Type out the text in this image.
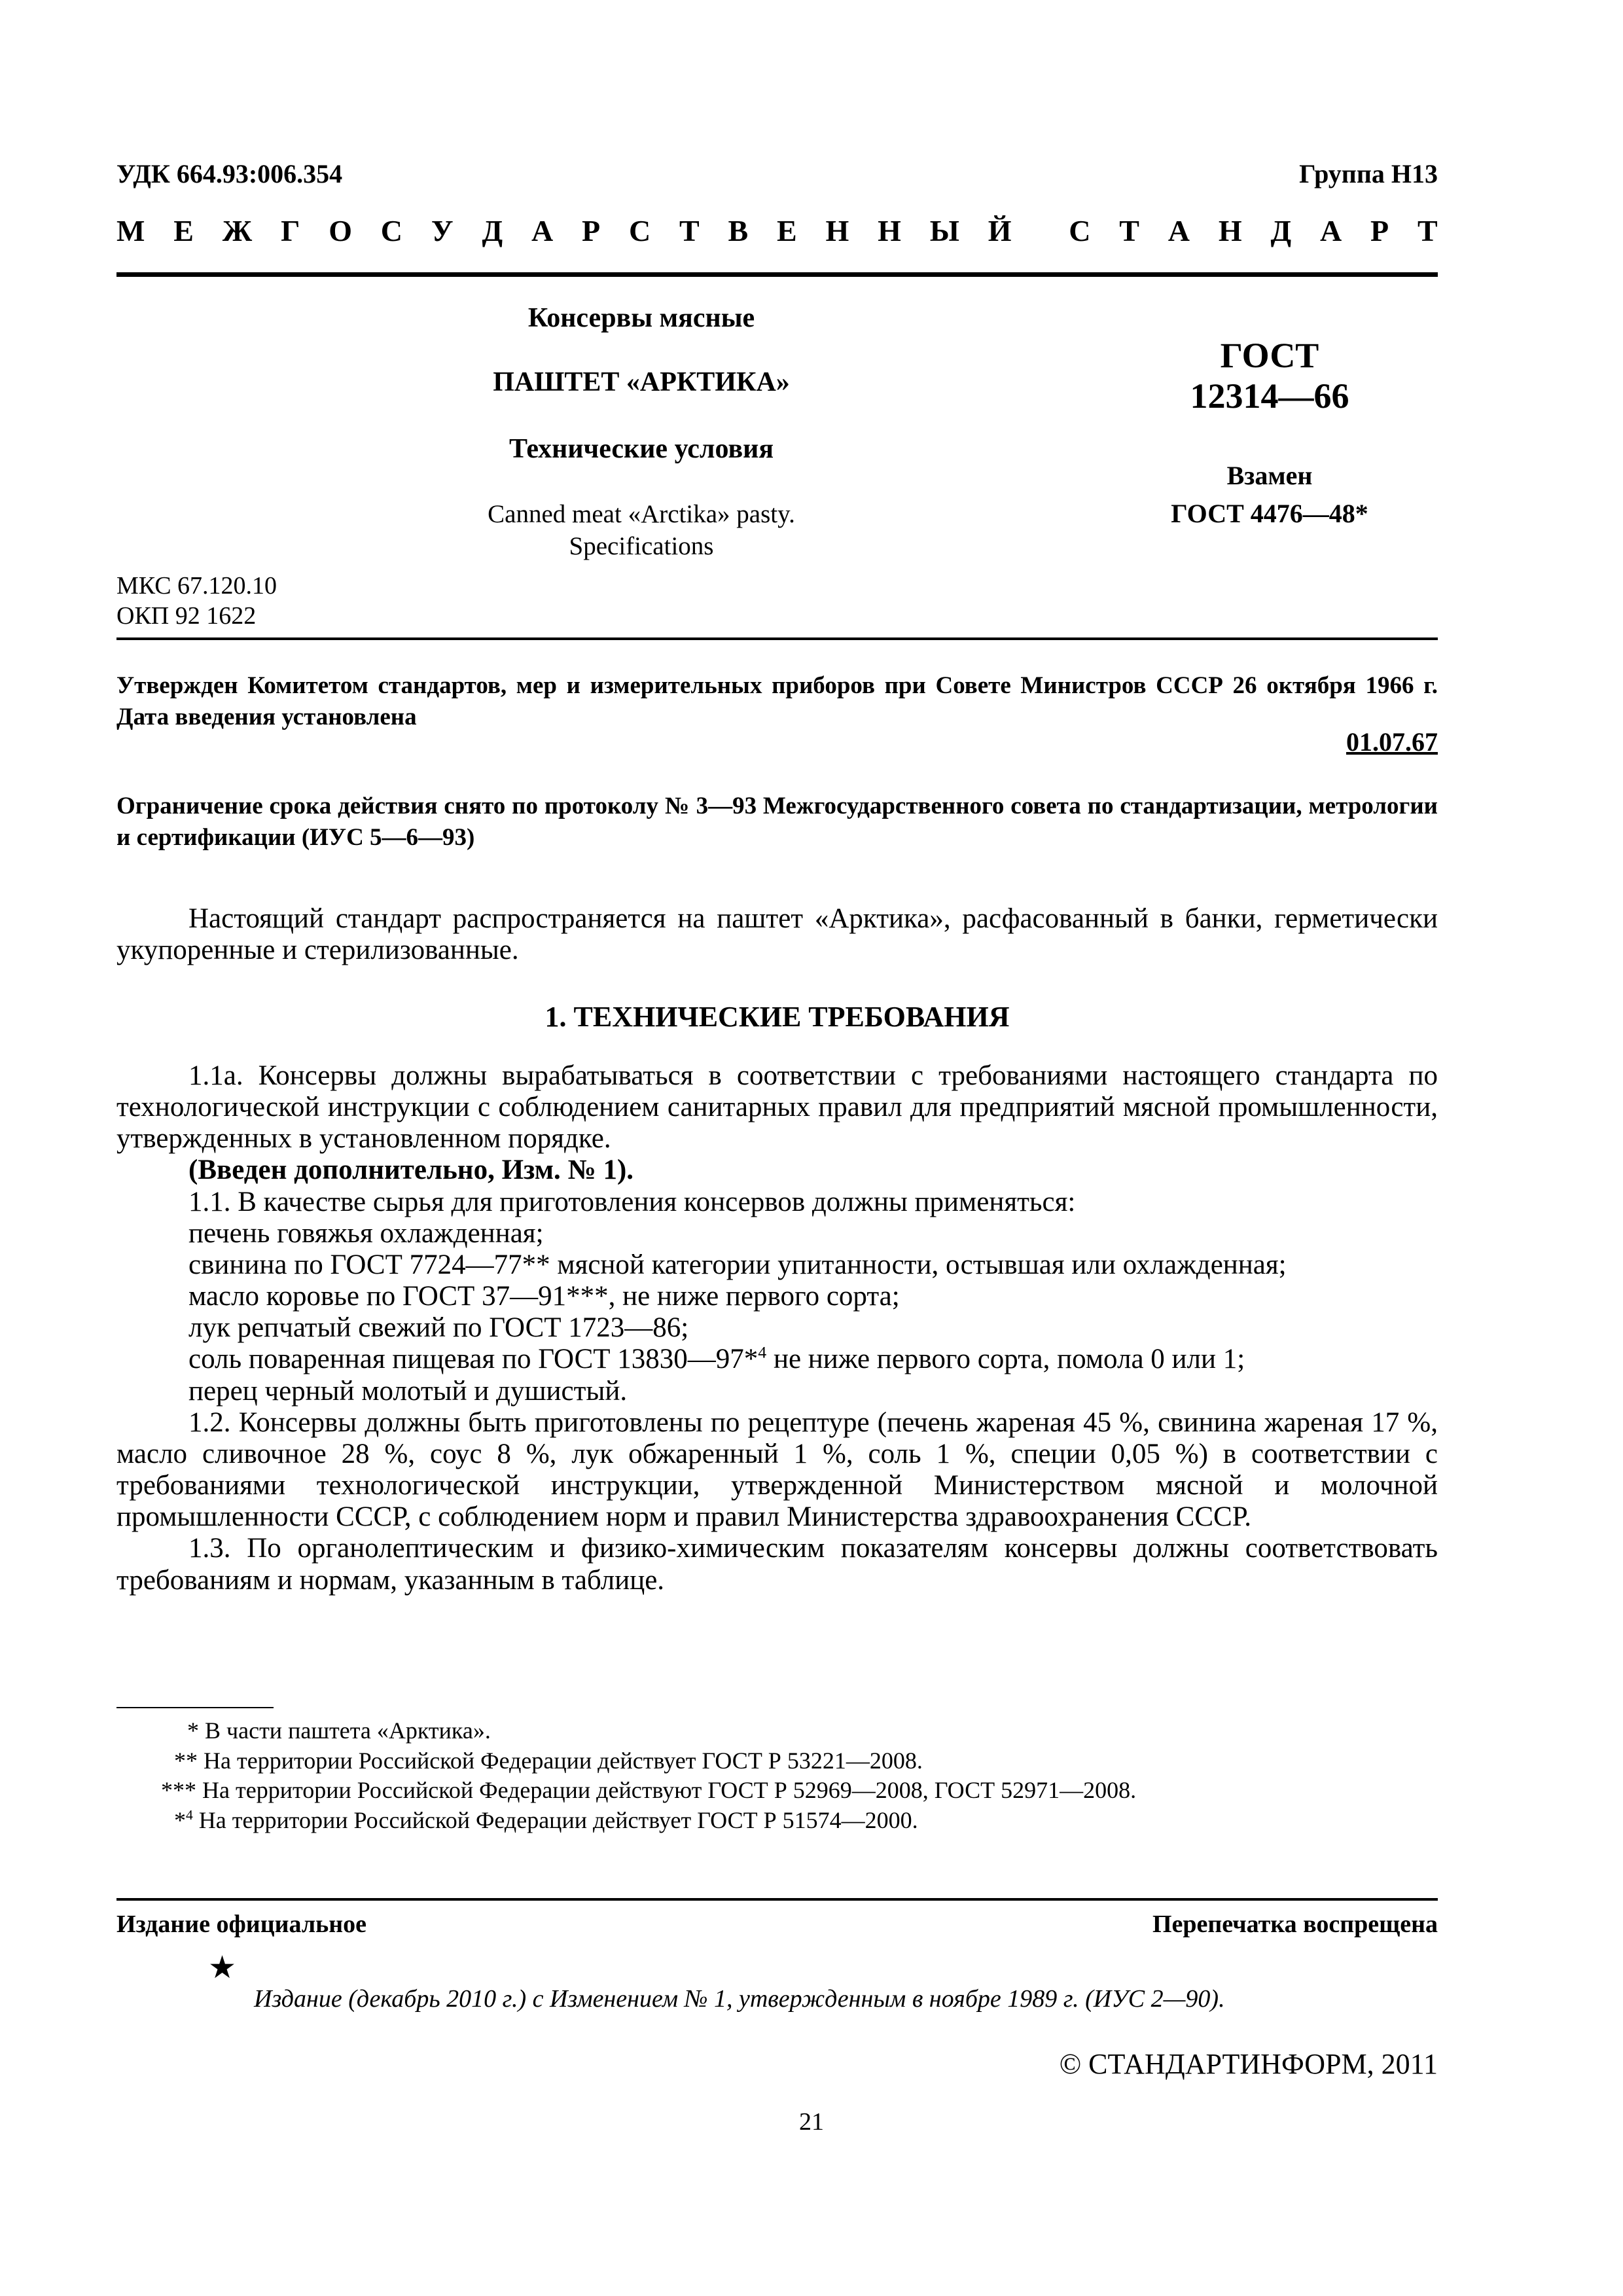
УДК 664.93:006.354	Группа Н13
М Е Ж Г О С У Д А Р С Т В Е Н Н Ы Й С Т А Н Д А Р Т
Консервы мясные
ПАШТЕТ «АРКТИКА»
Технические условия
Canned meat «Arctika» pasty.
Specifications
ГОСТ
12314—66
Взамен
ГОСТ 4476—48*
МКС 67.120.10
ОКП 92 1622
Утвержден Комитетом стандартов, мер и измерительных приборов при Совете Министров СССР 26 октября 1966 г. Дата введения установлена
01.07.67
Ограничение срока действия снято по протоколу № 3—93 Межгосударственного совета по стандартизации, метрологии и сертификации (ИУС 5—6—93)

Настоящий стандарт распространяется на паштет «Арктика», расфасованный в банки, герметически укупоренные и стерилизованные.

1. ТЕХНИЧЕСКИЕ ТРЕБОВАНИЯ

1.1а. Консервы должны вырабатываться в соответствии с требованиями настоящего стандарта по технологической инструкции с соблюдением санитарных правил для предприятий мясной промышленности, утвержденных в установленном порядке.

(Введен дополнительно, Изм. № 1).

1.1. В качестве сырья для приготовления консервов должны применяться:

печень говяжья охлажденная;

свинина по ГОСТ 7724—77** мясной категории упитанности, остывшая или охлажденная;

масло коровье по ГОСТ 37—91***, не ниже первого сорта;

лук репчатый свежий по ГОСТ 1723—86;

соль поваренная пищевая по ГОСТ 13830—97*$^4$ не ниже первого сорта, помола 0 или 1;

перец черный молотый и душистый.

1.2. Консервы должны быть приготовлены по рецептуре (печень жареная 45 %, свинина жареная 17 %, масло сливочное 28 %, соус 8 %, лук обжаренный 1 %, соль 1 %, специи 0,05 %) в соответствии с требованиями технологической инструкции, утвержденной Министерством мясной и молочной промышленности СССР, с соблюдением норм и правил Министерства здравоохранения СССР.

1.3. По органолептическим и физико-химическим показателям консервы должны соответствовать требованиям и нормам, указанным в таблице.

* В части паштета «Арктика».
** На территории Российской Федерации действует ГОСТ Р 53221—2008.
*** На территории Российской Федерации действуют ГОСТ Р 52969—2008, ГОСТ 52971—2008.
*$^4$ На территории Российской Федерации действует ГОСТ Р 51574—2000.
Издание официальное	Перепечатка воспрещена
★
Издание (декабрь 2010 г.) с Изменением № 1, утвержденным в ноябре 1989 г. (ИУС 2—90).
© СТАНДАРТИНФОРМ, 2011
21
